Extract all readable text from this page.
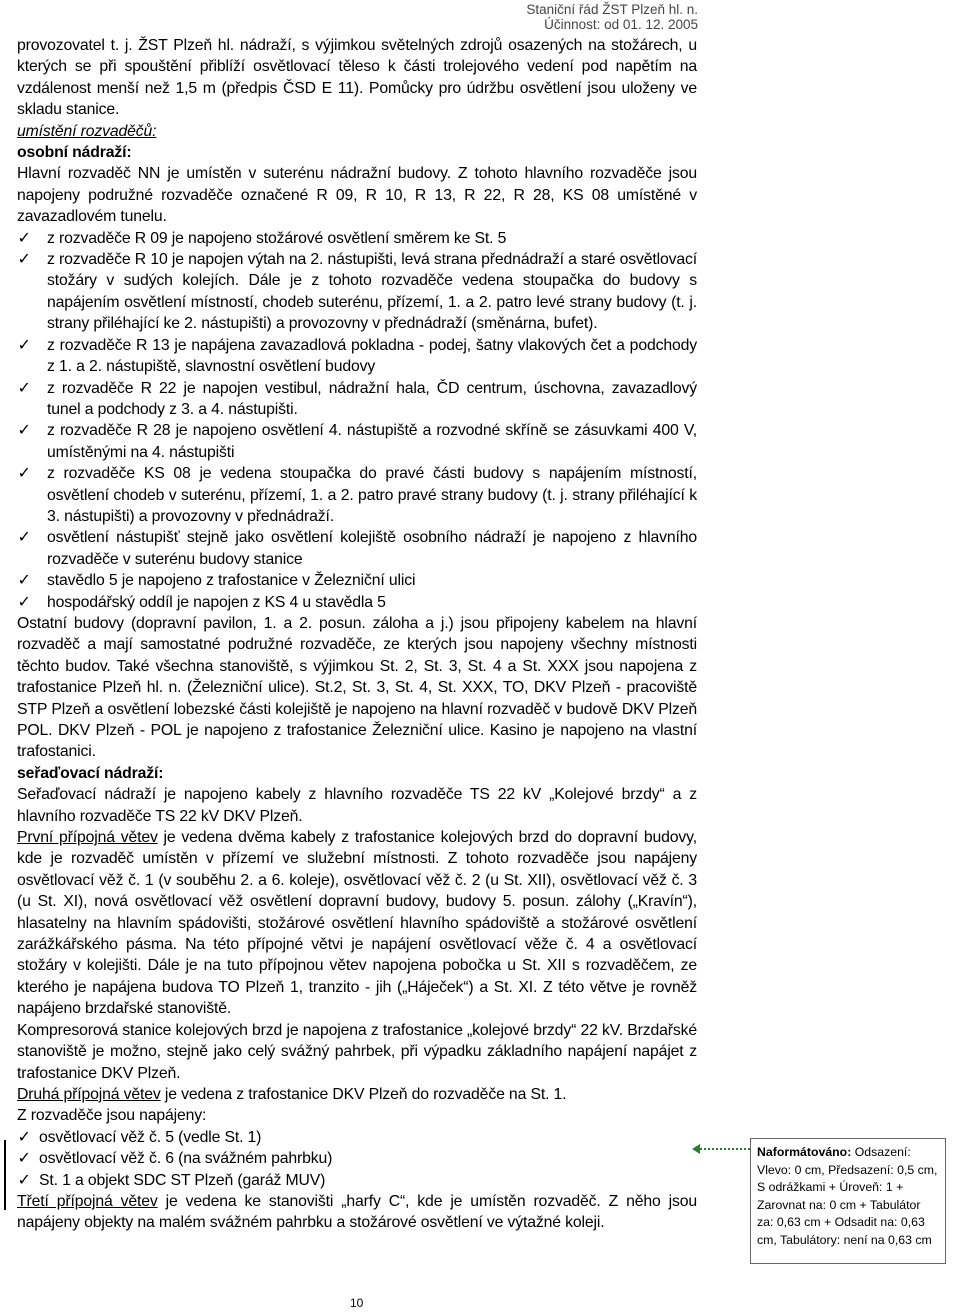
Staniční řád ŽST Plzeň hl. n.
Účinnost: od 01. 12. 2005

provozovatel t. j. ŽST Plzeň hl. nádraží, s výjimkou světelných zdrojů osazených na stožárech, u kterých se při spouštění přiblíží osvětlovací těleso k části trolejového vedení pod napětím na vzdálenost menší než 1,5 m (předpis ČSD E 11). Pomůcky pro údržbu osvětlení jsou uloženy ve skladu stanice.

umístění rozvaděčů:

osobní nádraží:

Hlavní rozvaděč NN je umístěn v suterénu nádražní budovy. Z tohoto hlavního rozvaděče jsou napojeny podružné rozvaděče označené R 09, R 10, R 13, R 22, R 28, KS 08 umístěné v zavazadlovém tunelu.

✓ z rozvaděče R 09 je napojeno stožárové osvětlení směrem ke St. 5
✓ z rozvaděče R 10 je napojen výtah na 2. nástupišti, levá strana přednádraží a staré osvětlovací stožáry v sudých kolejích. Dále je z tohoto rozvaděče vedena stoupačka do budovy s napájením osvětlení místností, chodeb suterénu, přízemí, 1. a 2. patro levé strany budovy (t. j. strany přiléhající ke 2. nástupišti) a provozovny v přednádraží (směnárna, bufet).
✓ z rozvaděče R 13 je napájena zavazadlová pokladna - podej, šatny vlakových čet a podchody z 1. a 2. nástupiště, slavnostní osvětlení budovy
✓ z rozvaděče R 22 je napojen vestibul, nádražní hala, ČD centrum, úschovna, zavazadlový tunel a podchody z 3. a 4. nástupišti.
✓ z rozvaděče R 28 je napojeno osvětlení 4. nástupiště a rozvodné skříně se zásuvkami 400 V, umístěnými na 4. nástupišti
✓ z rozvaděče KS 08 je vedena stoupačka do pravé části budovy s napájením místností, osvětlení chodeb v suterénu, přízemí, 1. a 2. patro pravé strany budovy (t. j. strany přiléhající k 3. nástupišti) a provozovny v přednádraží.
✓ osvětlení nástupišť stejně jako osvětlení kolejiště osobního nádraží je napojeno z hlavního rozvaděče v suterénu budovy stanice
✓ stavědlo 5 je napojeno z trafostanice v Železniční ulici
✓ hospodářský oddíl je napojen z KS 4 u stavědla 5

Ostatní budovy (dopravní pavilon, 1. a 2. posun. záloha a j.) jsou připojeny kabelem na hlavní rozvaděč a mají samostatné podružné rozvaděče, ze kterých jsou napojeny všechny místnosti těchto budov. Také všechna stanoviště, s výjimkou St. 2, St. 3, St. 4 a St. XXX jsou napojena z trafostanice Plzeň hl. n. (Železniční ulice). St.2, St. 3, St. 4, St. XXX, TO, DKV Plzeň - pracoviště STP Plzeň a osvětlení lobezské části kolejiště je napojeno na hlavní rozvaděč v budově DKV Plzeň POL. DKV Plzeň - POL je napojeno z trafostanice Železniční ulice. Kasino je napojeno na vlastní trafostanici.

seřaďovací nádraží:

Seřaďovací nádraží je napojeno kabely z hlavního rozvaděče TS 22 kV „Kolejové brzdy“ a z hlavního rozvaděče TS 22 kV DKV Plzeň.

První přípojná větev je vedena dvěma kabely z trafostanice kolejových brzd do dopravní budovy, kde je rozvaděč umístěn v přízemí ve služební místnosti. Z tohoto rozvaděče jsou napájeny osvětlovací věž č. 1 (v souběhu 2. a 6. koleje), osvětlovací věž č. 2 (u St. XII), osvětlovací věž č. 3 (u St. XI), nová osvětlovací věž osvětlení dopravní budovy, budovy 5. posun. zálohy („Kravín“), hlasatelny na hlavním spádovišti, stožárové osvětlení hlavního spádoviště a stožárové osvětlení zarážkářského pásma. Na této přípojné větvi je napájení osvětlovací věže č. 4 a osvětlovací stožáry v kolejišti. Dále je na tuto přípojnou větev napojena pobočka u St. XII s rozvaděčem, ze kterého je napájena budova TO Plzeň 1, tranzito - jih („Háječek“) a St. XI. Z této větve je rovněž napájeno brzdařské stanoviště.

Kompresorová stanice kolejových brzd je napojena z trafostanice „kolejové brzdy“ 22 kV. Brzdařské stanoviště je možno, stejně jako celý svážný pahrbek, při výpadku základního napájení napájet z trafostanice DKV Plzeň.

Druhá přípojná větev je vedena z trafostanice DKV Plzeň do rozvaděče na St. 1.

Z rozvaděče jsou napájeny:

✓ osvětlovací věž č. 5 (vedle St. 1)
✓ osvětlovací věž č. 6 (na svážném pahrbku)
✓ St. 1 a objekt SDC ST Plzeň (garáž MUV)

Třetí přípojná větev je vedena ke stanovišti „harfy C“, kde je umístěn rozvaděč. Z něho jsou napájeny objekty na malém svážném pahrbku a stožárové osvětlení ve výtažné koleji.

Naformátováno: Odsazení: Vlevo: 0 cm, Předsazení: 0,5 cm, S odrážkami + Úroveň: 1 + Zarovnat na: 0 cm + Tabulátor za: 0,63 cm + Odsadit na: 0,63 cm, Tabulátory: není na 0,63 cm
10
